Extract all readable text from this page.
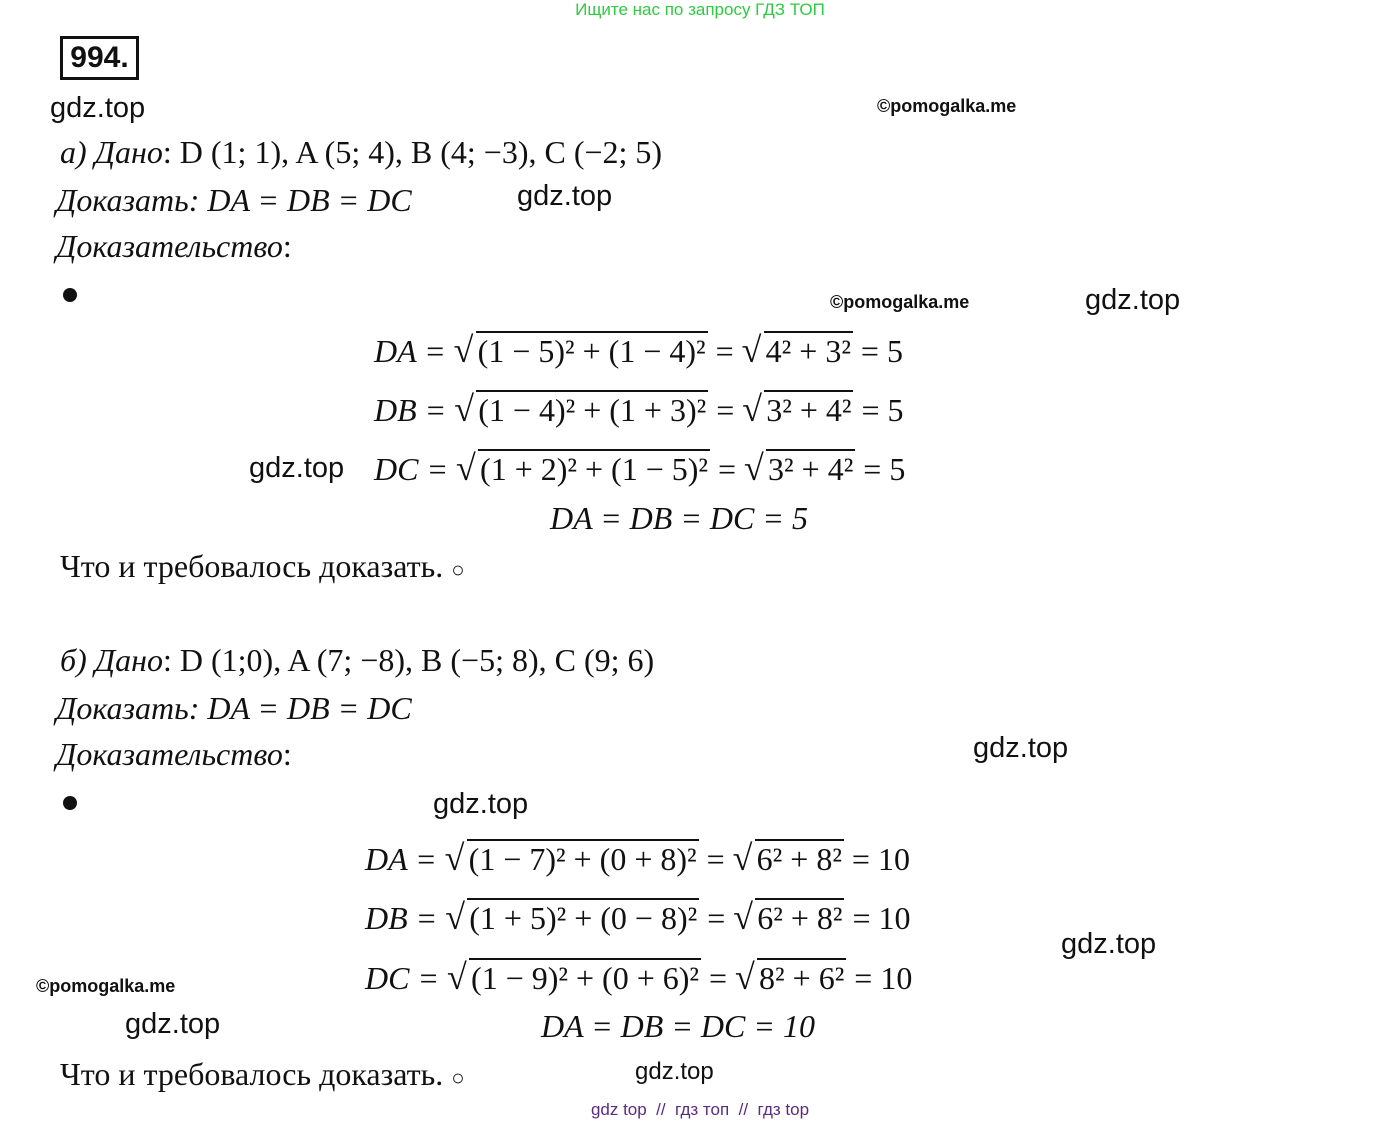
Ищите нас по запросу ГДЗ ТОП
994.
gdz.top	©pomogalka.me
gdz.top
©pomogalka.me	gdz.top
gdz.top
gdz.top
gdz.top
gdz.top
©pomogalka.me
gdz.top
gdz.top
а) Дано: D (1; 1), A (5; 4), B (4; −3), C (−2; 5)
Доказать: DA = DB = DC
Доказательство:
DA = √ (1 − 5)² + (1 − 4)² = √ 4² + 3² = 5
DB = √ (1 − 4)² + (1 + 3)² = √ 3² + 4² = 5
DC = √ (1 + 2)² + (1 − 5)² = √ 3² + 4² = 5
DA = DB = DC = 5
Что и требовалось доказать. ○
б) Дано: D (1;0), A (7; −8), B (−5; 8), C (9; 6)
Доказать: DA = DB = DC
Доказательство:
DA = √ (1 − 7)² + (0 + 8)² = √ 6² + 8² = 10
DB = √ (1 + 5)² + (0 − 8)² = √ 6² + 8² = 10
DC = √ (1 − 9)² + (0 + 6)² = √ 8² + 6² = 10
DA = DB = DC = 10
Что и требовалось доказать. ○
gdz top  //  гдз топ  //  гдз top
